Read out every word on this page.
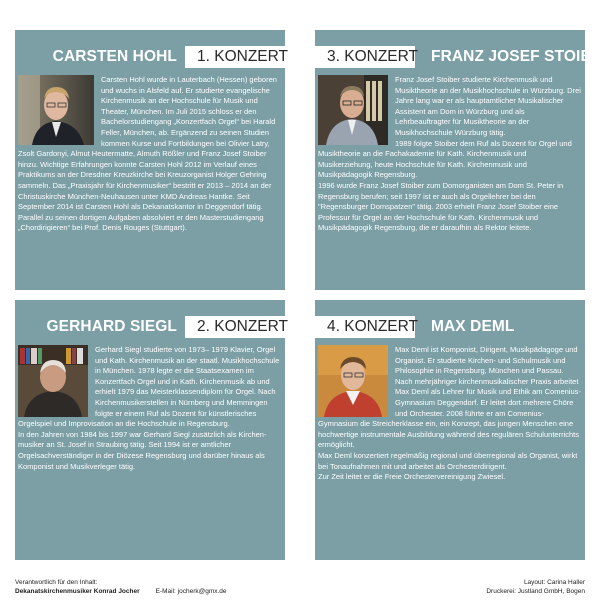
CARSTEN HOHL	1. KONZERT

Carsten Hohl wurde in Lauterbach (Hessen) geboren und wuchs in Alsfeld auf. Er studierte evangelische Kirchenmusik an der Hochschule für Musik und Theater, München. Im Juli 2015 schloss er den Bachelorstudiengang „Konzertfach Orgel“ bei Harald Feller, München, ab. Ergänzend zu seinen Studien kommen Kurse und Fortbildungen bei Olivier Latry, Zsolt Gardonyi, Almut Heutermatte, Almuth Rößler und Franz Josef Stoiber hinzu. Wichtige Erfahrungen konnte Carsten Hohl 2012 im Verlauf eines Praktikums an der Dresdner Kreuzkirche bei Kreuzorganist Holger Gehring sammeln. Das „Praxisjahr für Kirchenmusiker“ bestritt er 2013 – 2014 an der Christuskirche München-Neuhausen unter KMD Andreas Hantke. Seit September 2014 ist Carsten Hohl als Dekanatskantor in Deggendorf tätig. Parallel zu seinen dortigen Aufgaben absolviert er den Masterstudiengang „Chordirigieren“ bei Prof. Denis Rouges (Stuttgart).

3. KONZERT FRANZ JOSEF STOIBER

Franz Josef Stoiber studierte Kirchenmusik und Musiktheorie an der Musikhochschule in Würzburg. Drei Jahre lang war er als hauptamtlicher Musikalischer Assistent am Dom in Würzburg und als Lehrbeauftragter für Musiktheorie an der Musikhochschule Würzburg tätig.

1989 folgte Stoiber dem Ruf als Dozent für Orgel und Musiktheorie an die Fachakademie für Kath. Kirchenmusik und Musikerziehung, heute Hochschule für Kath. Kirchenmusik und Musikpädagogik Regensburg.

1996 wurde Franz Josef Stoiber zum Domorganisten am Dom St. Peter in Regensburg berufen; seit 1997 ist er auch als Orgellehrer bei den "Regensburger Domspatzen" tätig. 2003 erhielt Franz Josef Stoiber eine Professur für Orgel an der Hochschule für Kath. Kirchenmusik und Musikpädagogik Regensburg, die er daraufhin als Rektor leitete.

GERHARD SIEGL	2. KONZERT

Gerhard Siegl studierte von 1973– 1979 Klavier, Orgel und Kath. Kirchenmusik an der staatl. Musikhochschule in München. 1978 legte er die Staatsexamen im Konzertfach Orgel und in Kath. Kirchenmusik ab und erhielt 1979 das Meisterklassendiplom für Orgel. Nach Kirchenmusikerstellen in Nürnberg und Memmingen folgte er einem Ruf als Dozent für künstlerisches Orgelspiel und Improvisation an die Hochschule in Regensburg.

In den Jahren von 1984 bis 1997 war Gerhard Siegl zusätzlich als Kirchenmusiker an St. Josef in Straubing tätig. Seit 1994 ist er amtlicher Orgelsachverständiger in der Diözese Regensburg und darüber hinaus als Komponist und Musikverleger tätig.

4. KONZERT MAX DEML

Max Deml ist Komponist, Dirigent, Musikpädagoge und Organist. Er studierte Kirchen- und Schulmusik und Philosophie in Regensburg, München und Passau. Nach mehrjähriger kirchenmusikalischer Praxis arbeitet Max Deml als Lehrer für Musik und Ethik am Comenius-Gymnasium Deggendorf. Er leitet dort mehrere Chöre und Orchester. 2008 führte er am Comenius-Gymnasium die Streicherklasse ein, ein Konzept, das jungen Menschen eine hochwertige instrumentale Ausbildung während des regulären Schulunterrichts ermöglicht.

Max Deml konzertiert regelmäßig regional und überregional als Organist, wirkt bei Tonaufnahmen mit und arbeitet als Orchesterdirigent.

Zur Zeit leitet er die Freie Orchestervereinigung Zwiesel.

Verantwortlich für den Inhalt:
Dekanatskirchenmusiker Konrad Jocher E-Mail: jocherk@gmx.de
Layout: Carina Haller
Druckerei: Justland GmbH, Bogen
